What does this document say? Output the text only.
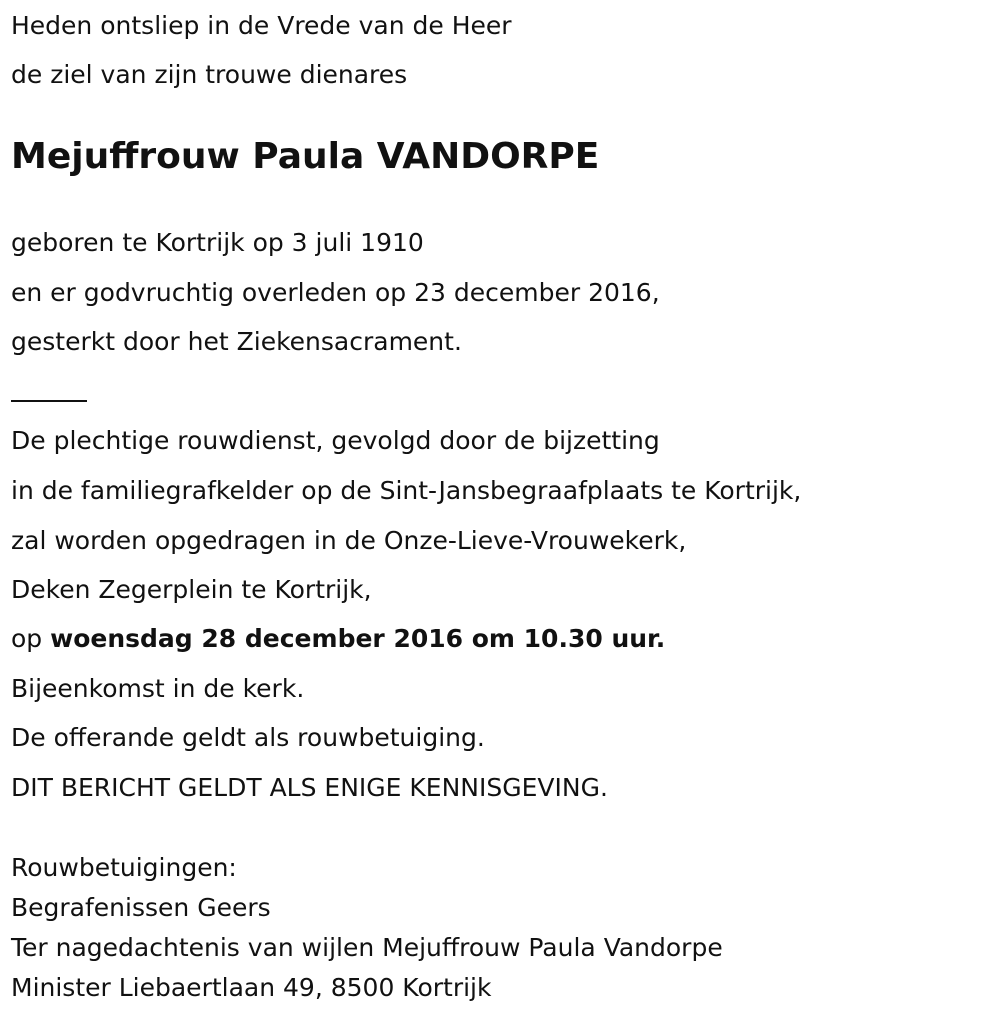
Heden ontsliep in de Vrede van de Heer
de ziel van zijn trouwe dienares
Mejuffrouw Paula VANDORPE
geboren te Kortrijk op 3 juli 1910
en er godvruchtig overleden op 23 december 2016,
gesterkt door het Ziekensacrament.
De plechtige rouwdienst, gevolgd door de bijzetting
in de familiegrafkelder op de Sint-Jansbegraafplaats te Kortrijk,
zal worden opgedragen in de Onze-Lieve-Vrouwekerk,
Deken Zegerplein te Kortrijk,
op woensdag 28 december 2016 om 10.30 uur.
Bijeenkomst in de kerk.
De offerande geldt als rouwbetuiging.
DIT BERICHT GELDT ALS ENIGE KENNISGEVING.
Rouwbetuigingen:
Begrafenissen Geers
Ter nagedachtenis van wijlen Mejuffrouw Paula Vandorpe
Minister Liebaertlaan 49, 8500 Kortrijk
